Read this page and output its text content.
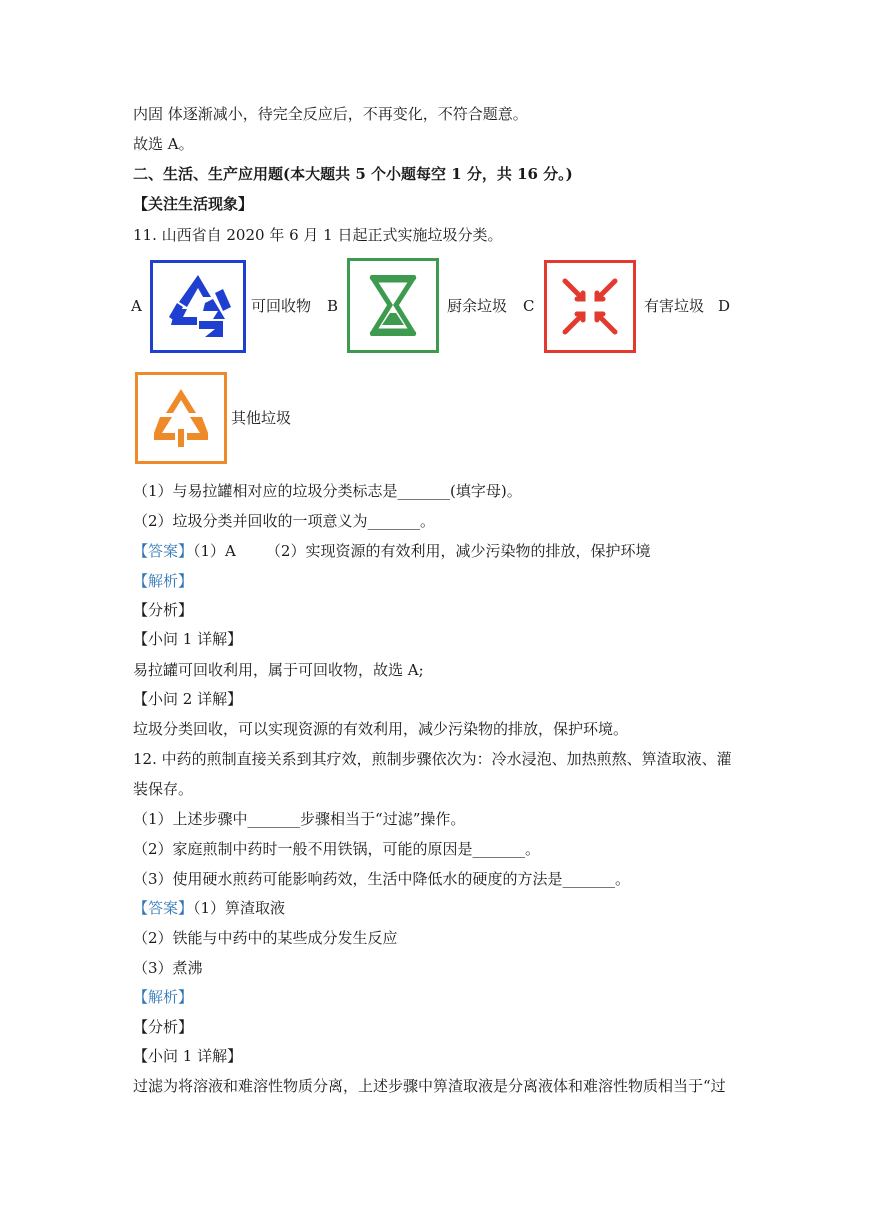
内固 体逐渐减小，待完全反应后，不再变化，不符合题意。
故选 A。
二、生活、生产应用题(本大题共 5 个小题每空 1 分，共 16 分。)
【关注生活现象】
11. 山西省自 2020 年 6 月 1 日起正式实施垃圾分类。
A	可回收物 B	厨余垃圾 C	有害垃圾 D
其他垃圾
（1）与易拉罐相对应的垃圾分类标志是_______(填字母)。
（2）垃圾分类并回收的一项意义为_______。
【答案】（1）A （2）实现资源的有效利用，减少污染物的排放，保护环境
【解析】
【分析】
【小问 1 详解】
易拉罐可回收利用，属于可回收物，故选 A;
【小问 2 详解】
垃圾分类回收，可以实现资源的有效利用，减少污染物的排放，保护环境。
12. 中药的煎制直接关系到其疗效，煎制步骤依次为：冷水浸泡、加热煎熬、箅渣取液、灌
装保存。
（1）上述步骤中_______步骤相当于“过滤”操作。
（2）家庭煎制中药时一般不用铁锅，可能的原因是_______。
（3）使用硬水煎药可能影响药效，生活中降低水的硬度的方法是_______。
【答案】（1）箅渣取液
（2）铁能与中药中的某些成分发生反应
（3）煮沸
【解析】
【分析】
【小问 1 详解】
过滤为将溶液和难溶性物质分离，上述步骤中箅渣取液是分离液体和难溶性物质相当于“过
